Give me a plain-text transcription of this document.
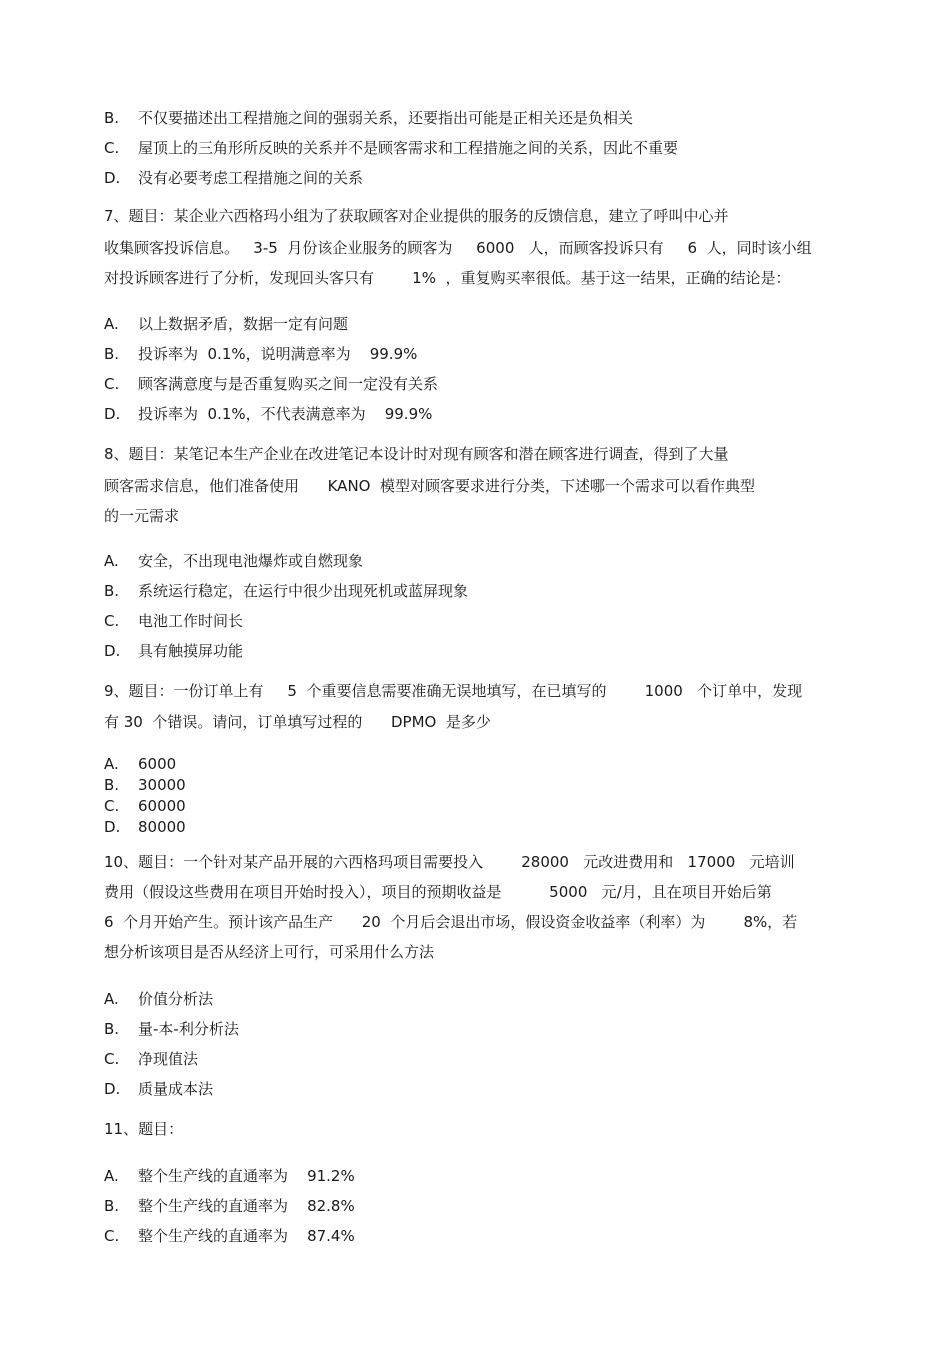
B.

不仅要描述出工程措施之间的强弱关系，还要指出可能是正相关还是负相关

C.

屋顶上的三角形所反映的关系并不是顾客需求和工程措施之间的关系，因此不重要

D.

没有必要考虑工程措施之间的关系

7、题目：某企业六西格玛小组为了获取顾客对企业提供的服务的反馈信息，建立了呼叫中心并

收集顾客投诉信息。   3-5  月份该企业服务的顾客为     6000   人，而顾客投诉只有     6  人，同时该小组

对投诉顾客进行了分析，发现回头客只有        1%  ，重复购买率很低。基于这一结果，正确的结论是：

A.

以上数据矛盾，数据一定有问题

B.

投诉率为  0.1%，说明满意率为    99.9%

C.

顾客满意度与是否重复购买之间一定没有关系

D.

投诉率为  0.1%，不代表满意率为    99.9%

8、题目：某笔记本生产企业在改进笔记本设计时对现有顾客和潜在顾客进行调查，得到了大量

顾客需求信息，他们准备使用      KANO  模型对顾客要求进行分类，下述哪一个需求可以看作典型

的一元需求

A.

安全，不出现电池爆炸或自燃现象

B.

系统运行稳定，在运行中很少出现死机或蓝屏现象

C.

电池工作时间长

D.

具有触摸屏功能

9、题目：一份订单上有     5  个重要信息需要准确无误地填写，在已填写的        1000   个订单中，发现

有 30  个错误。请问，订单填写过程的      DPMO  是多少

A.

6000

B.

30000

C.

60000

D.

80000

10、题目：一个针对某产品开展的六西格玛项目需要投入        28000   元改进费用和   17000   元培训

费用（假设这些费用在项目开始时投入），项目的预期收益是          5000   元/月，且在项目开始后第

6  个月开始产生。预计该产品生产      20  个月后会退出市场，假设资金收益率（利率）为        8%，若

想分析该项目是否从经济上可行，可采用什么方法

A.

价值分析法

B.

量-本-利分析法

C.

净现值法

D.

质量成本法

11、题目：

A.

整个生产线的直通率为    91.2%

B.

整个生产线的直通率为    82.8%

C.

整个生产线的直通率为    87.4%
